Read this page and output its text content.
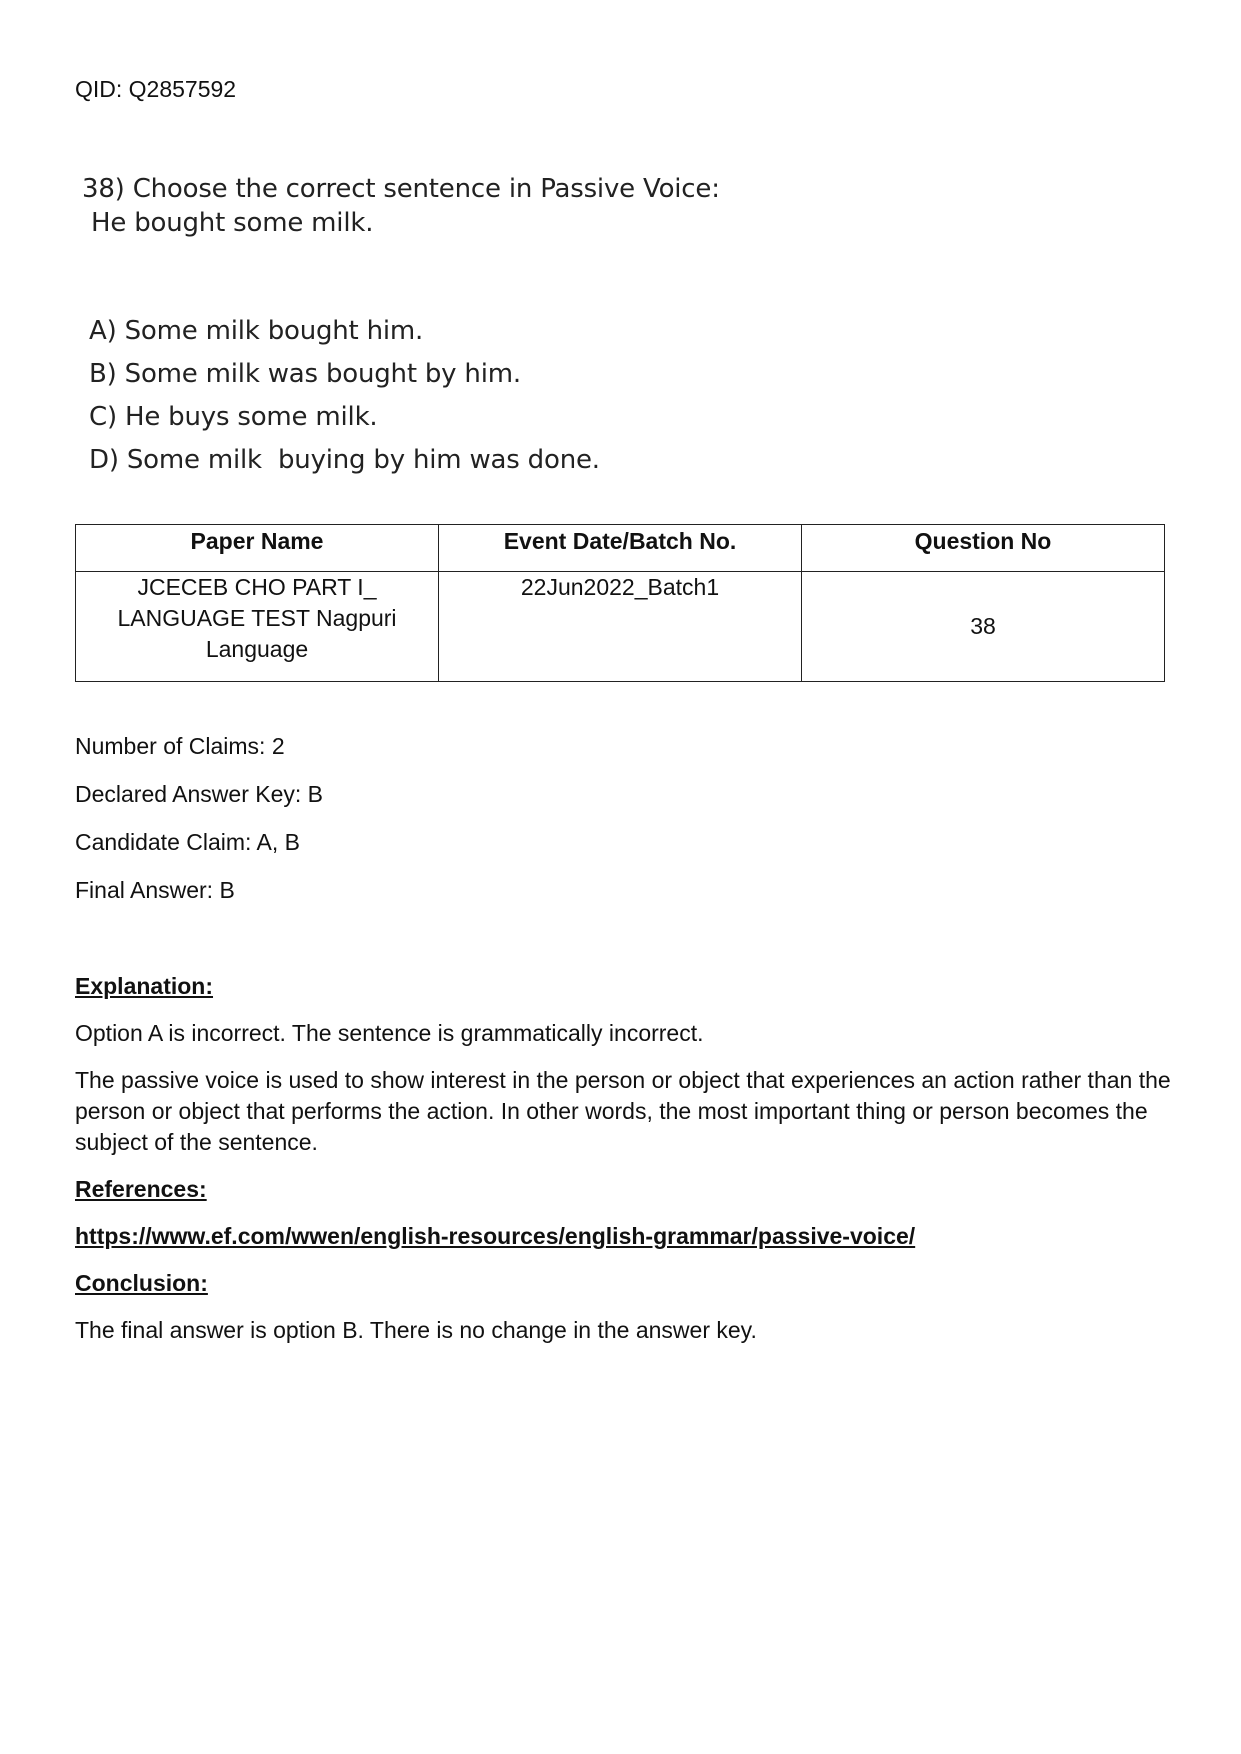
QID: Q2857592
38) Choose the correct sentence in Passive Voice:
He bought some milk.
A) Some milk bought him.
B) Some milk was bought by him.
C) He buys some milk.
D) Some milk  buying by him was done.
Paper Name	Event Date/Batch No.	Question No
JCECEB CHO PART I_ LANGUAGE TEST Nagpuri Language	22Jun2022_Batch1	38
Number of Claims: 2
Declared Answer Key: B
Candidate Claim: A, B
Final Answer: B
Explanation:
Option A is incorrect. The sentence is grammatically incorrect.
The passive voice is used to show interest in the person or object that experiences an action rather than the person or object that performs the action. In other words, the most important thing or person becomes the subject of the sentence.
References:
https://www.ef.com/wwen/english-resources/english-grammar/passive-voice/
Conclusion:
The final answer is option B. There is no change in the answer key.
